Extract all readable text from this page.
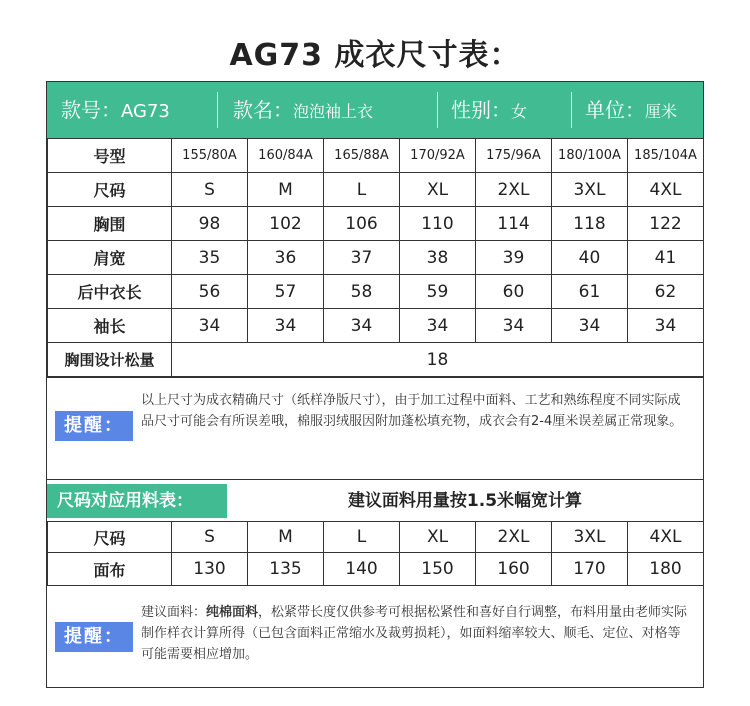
AG73 成衣尺寸表：
款号：AG73	款名：泡泡袖上衣	性别：女	单位：厘米
号型	155/80A	160/84A	165/88A	170/92A	175/96A	180/100A	185/104A
尺码	S	M	L	XL	2XL	3XL	4XL
胸围	98	102	106	110	114	118	122
肩宽	35	36	37	38	39	40	41
后中衣长	56	57	58	59	60	61	62
袖长	34	34	34	34	34	34	34
胸围设计松量	18						
提醒：
以上尺寸为成衣精确尺寸（纸样净版尺寸），由于加工过程中面料、工艺和熟练程度不同实际成品尺寸可能会有所误差哦，棉服羽绒服因附加蓬松填充物，成衣会有2-4厘米误差属正常现象。
尺码对应用料表：	建议面料用量按1.5米幅宽计算
尺码	S	M	L	XL	2XL	3XL	4XL
面布	130	135	140	150	160	170	180
提醒：
建议面料：纯棉面料，松紧带长度仅供参考可根据松紧性和喜好自行调整，布料用量由老师实际制作样衣计算所得（已包含面料正常缩水及裁剪损耗），如面料缩率较大、顺毛、定位、对格等可能需要相应增加。
